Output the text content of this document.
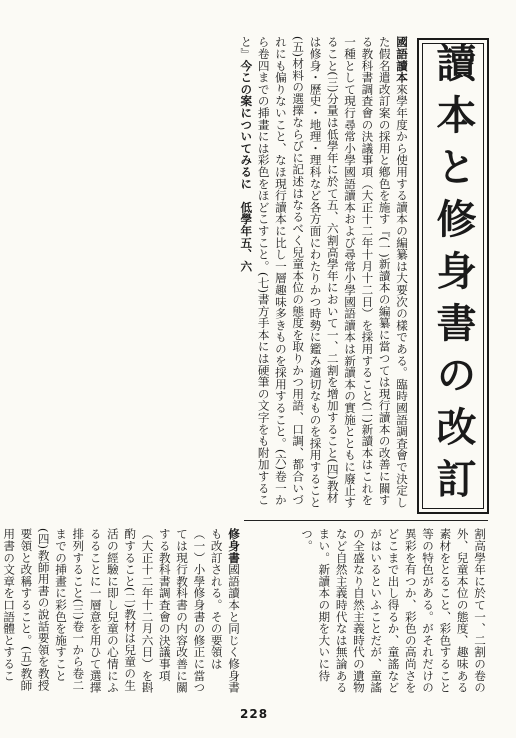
讀本と修身書の改訂
國語讀本來學年度から使用する讀本の編纂は大要次の樣である。臨時國語調査會で決定した假名遣改訂案の採用と鄕色を施す『(一)新讀本の編纂に當つては現行讀本の改善に關する教科書調査會の決議事項（大正十二年十月十二日）を採用すること(二)新讀本はこれを一種として現行尋常小學國語讀本および尋常小學國語讀本は新讀本の實施とともに廢止すること(三)分量は低學年に於て五、六割高學年において一、二割を增加すること(四)教材は修身・歷史・地理・理科など各方面にわたりかつ時勢に鑑み適切なものを採用すること(五)材料の選擇ならびに記述はなるべく兒童本位の態度を取りかつ用語、口調、都合いづれにも偏りないこと、なほ現行讀本に比し一層趣味多きものを採用すること。(六)卷一から卷四までの挿畫には彩色をほどこすこと。(七)書方手本には硬筆の文字をも附加すること』今この案についてみるに　低學年五、六
割高學年に於て一、二割の卷の外、兒童本位の態度、趣味ある素材をとること、彩色すること等の特色がある。がそれだけの異彩を有つか、彩色の高尚さをどこまで出し得るか、童謠などがはいるといふことだが、童謠の全盛なり自然主義時代の遺物など自然主義時代なは無論あるまい。新讀本の期を大いに待つ。
修身書國語讀本と同じく修身書も改訂される。その要領は（一）小學修身書の修正に當つては現行教科書の内容改善に關する教科書調査會の決議事項（大正十二年十二月六日）を斟酌すること(二)教材は兒童の生活の經驗に即し兒童の心情にふるることに一層意を用ひて選擇排列すること(三)卷一から卷二までの挿畫に彩色を施すこと(四)教師用書の說話要領を教授要領と改稱すること。(五)教師用書の文章を口語體とするこ
228
